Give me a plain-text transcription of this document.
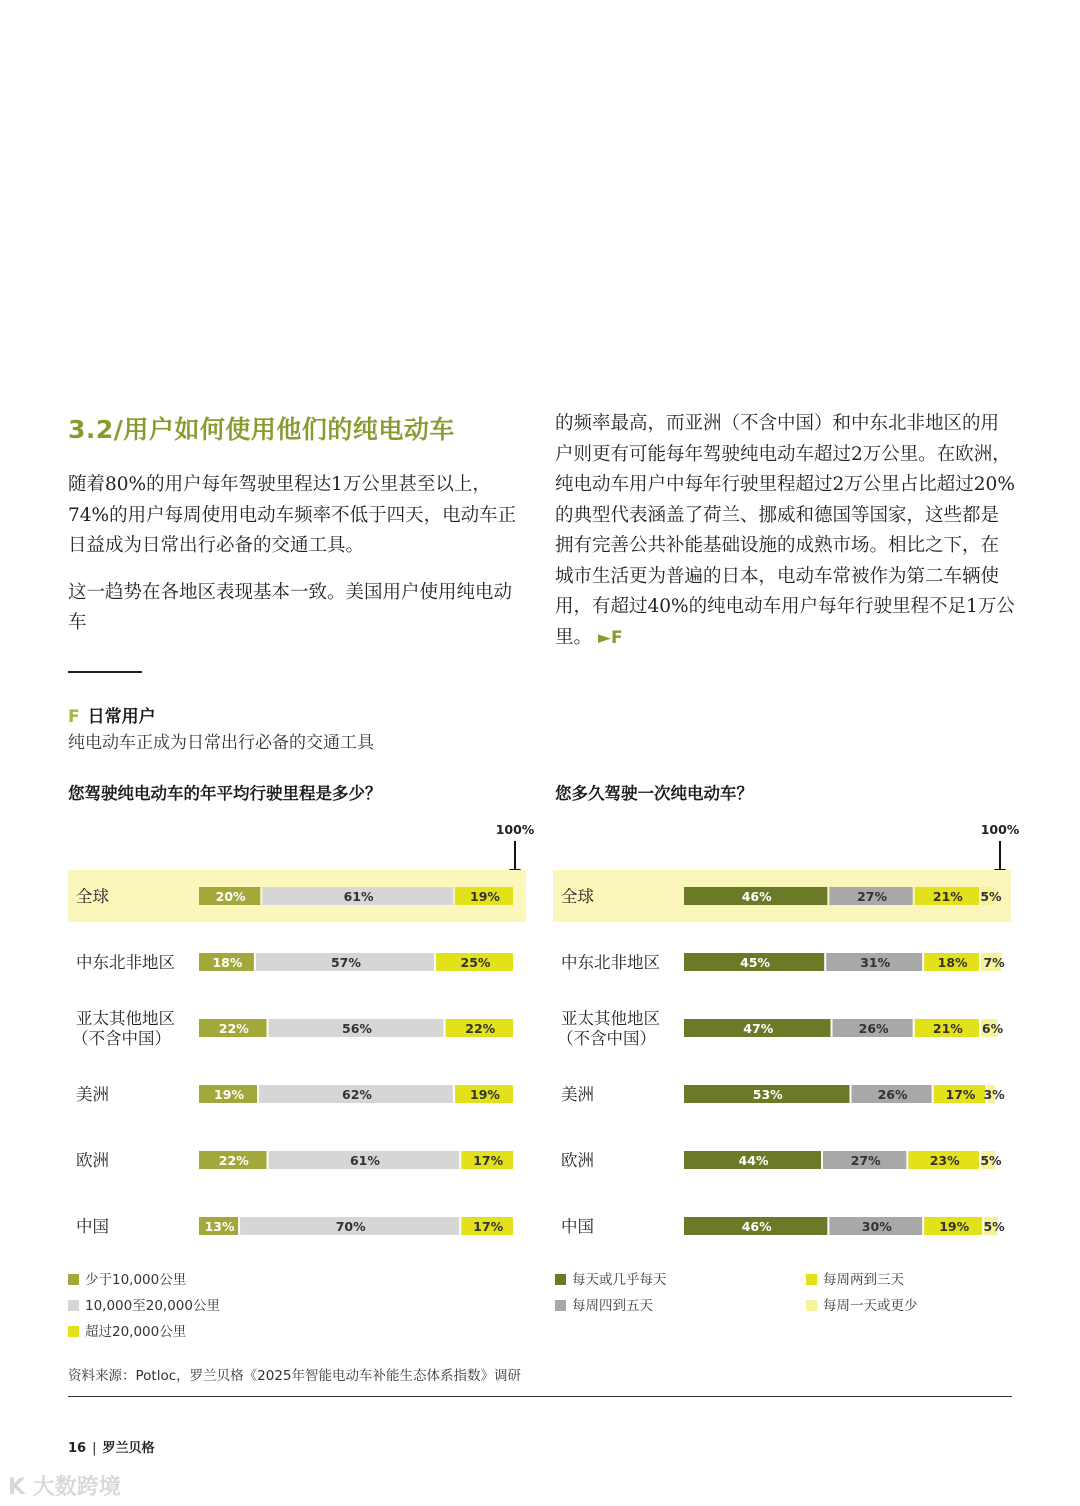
3.2/用户如何使用他们的纯电动车

随着80%的用户每年驾驶里程达1万公里甚至以上，74%的用户每周使用电动车频率不低于四天，电动车正日益成为日常出行必备的交通工具。

这一趋势在各地区表现基本一致。美国用户使用纯电动车

的频率最高，而亚洲（不含中国）和中东北非地区的用户则更有可能每年驾驶纯电动车超过2万公里。在欧洲，纯电动车用户中每年行驶里程超过2万公里占比超过20%的典型代表涵盖了荷兰、挪威和德国等国家，这些都是拥有完善公共补能基础设施的成熟市场。相比之下，在城市生活更为普遍的日本，电动车常被作为第二车辆使用，有超过40%的纯电动车用户每年行驶里程不足1万公里。 ►F

F 日常用户
纯电动车正成为日常出行必备的交通工具
您驾驶纯电动车的年平均行驶里程是多少？	您多久驾驶一次纯电动车？
100%
全球	20%	61%	19%
中东北非地区	18%	57%	25%
亚太其他地区（不含中国）
22%	56%	22%
美洲	19%	62%	19%
欧洲	22%	61%	17%
中国	13%	70%	17%
100%
全球	46%	27%	21% 5%
中东北非地区	45%	31%	18% 7%
亚太其他地区（不含中国）
47%	26%	21% 6%
美洲	53%	26%	17% 3%
欧洲	44%	27%	23% 5%
中国	46%	30%	19% 5%
少于10,000公里
10,000至20,000公里
超过20,000公里
每天或几乎每天
每周四到五天
每周两到三天
每周一天或更少
资料来源：Potloc，罗兰贝格《2025年智能电动车补能生态体系指数》调研
16 | 罗兰贝格
K 大数跨境
